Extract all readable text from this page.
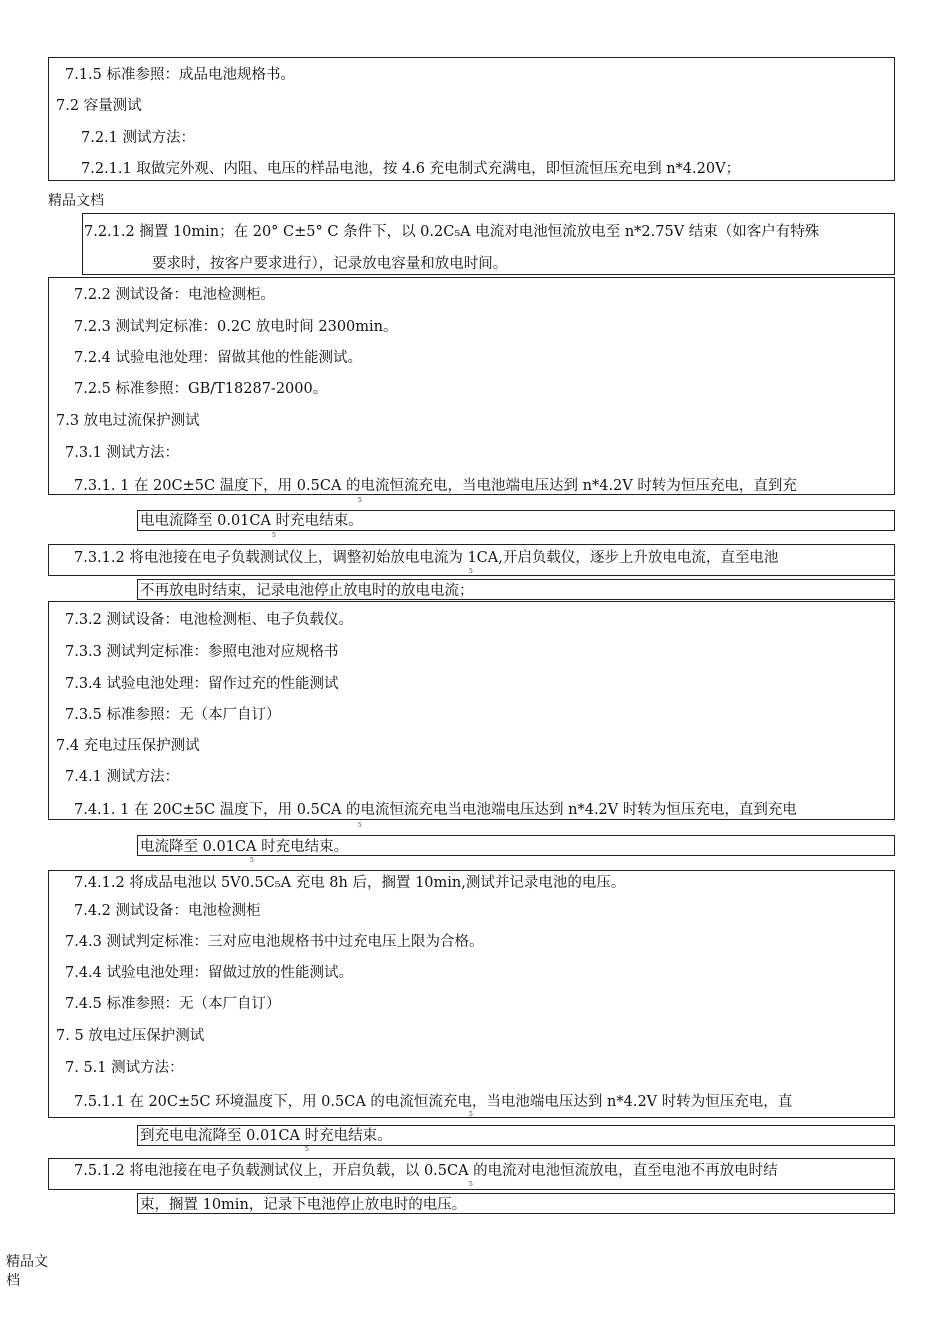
7.1.5 标准参照：成品电池规格书。
7.2 容量测试
7.2.1 测试方法：
7.2.1.1 取做完外观、内阻、电压的样品电池，按 4.6 充电制式充满电，即恒流恒压充电到 n*4.20V；
精品文档
7.2.1.2 搁置 10min；在 20° C±5° C 条件下，以 0.2C₅A 电流对电池恒流放电至 n*2.75V 结束（如客户有特殊
要求时，按客户要求进行），记录放电容量和放电时间。
7.2.2 测试设备：电池检测柜。
7.2.3 测试判定标准：0.2C 放电时间 2300min。
7.2.4 试验电池处理：留做其他的性能测试。
7.2.5 标准参照：GB/T18287-2000。
7.3 放电过流保护测试
7.3.1 测试方法：
7.3.1. 1 在 20C±5C 温度下，用 0.5CA 的电流恒流充电，当电池端电压达到 n*4.2V 时转为恒压充电，直到充
5
电电流降至 0.01CA 时充电结束。
5
7.3.1.2 将电池接在电子负载测试仪上，调整初始放电电流为 1CA,开启负载仪，逐步上升放电电流，直至电池
5
不再放电时结束，记录电池停止放电时的放电电流；
7.3.2 测试设备：电池检测柜、电子负载仪。
7.3.3 测试判定标准：参照电池对应规格书
7.3.4 试验电池处理：留作过充的性能测试
7.3.5 标准参照：无（本厂自订）
7.4 充电过压保护测试
7.4.1 测试方法：
7.4.1. 1 在 20C±5C 温度下，用 0.5CA 的电流恒流充电当电池端电压达到 n*4.2V 时转为恒压充电，直到充电
5
电流降至 0.01CA 时充电结束。
5
7.4.1.2 将成品电池以 5V0.5C₅A 充电 8h 后，搁置 10min,测试并记录电池的电压。
7.4.2 测试设备：电池检测柜
7.4.3 测试判定标准：三对应电池规格书中过充电压上限为合格。
7.4.4 试验电池处理：留做过放的性能测试。
7.4.5 标准参照：无（本厂自订）
7. 5 放电过压保护测试
7. 5.1 测试方法：
7.5.1.1 在 20C±5C 环境温度下，用 0.5CA 的电流恒流充电，当电池端电压达到 n*4.2V 时转为恒压充电，直
5
到充电电流降至 0.01CA 时充电结束。
5
7.5.1.2 将电池接在电子负载测试仪上，开启负载，以 0.5CA 的电流对电池恒流放电，直至电池不再放电时结
5
束，搁置 10min，记录下电池停止放电时的电压。
精品文
档
